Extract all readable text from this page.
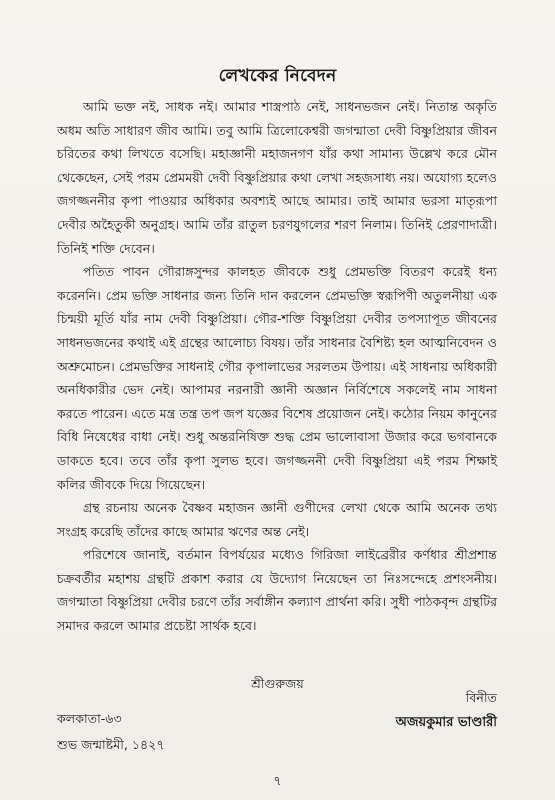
লেখকের নিবেদন

আমি ভক্ত নই, সাধক নই। আমার শাস্ত্রপাঠ নেই, সাধনভজন নেই। নিতান্ত অকৃতি অধম অতি সাধারণ জীব আমি। তবু আমি ত্রিলোকেশ্বরী জগন্মাতা দেবী বিষ্ণুপ্রিয়ার জীবন চরিতের কথা লিখতে বসেছি। মহাজ্ঞানী মহাজনগণ যাঁর কথা সামান্য উল্লেখ করে মৌন থেকেছেন, সেই পরম প্রেমময়ী দেবী বিষ্ণুপ্রিয়ার কথা লেখা সহজসাধ্য নয়। অযোগ্য হলেও জগজ্জননীর কৃপা পাওয়ার অধিকার অবশ্যই আছে আমার। তাই আমার ভরসা মাতৃরূপা দেবীর অহৈতুকী অনুগ্রহ। আমি তাঁর রাতুল চরণযুগলের শরণ নিলাম। তিনিই প্রেরণাদাত্রী। তিনিই শক্তি দেবেন।

পতিত পাবন গৌরাঙ্গসুন্দর কালহত জীবকে শুধু প্রেমভক্তি বিতরণ করেই ধন্য করেননি। প্রেম ভক্তি সাধনার জন্য তিনি দান করলেন প্রেমভক্তি স্বরূপিণী অতুলনীয়া এক চিন্ময়ী মূর্তি যাঁর নাম দেবী বিষ্ণুপ্রিয়া। গৌর-শক্তি বিষ্ণুপ্রিয়া দেবীর তপস্যাপূত জীবনের সাধনভজনের কথাই এই গ্রন্থের আলোচ্য বিষয়। তাঁর সাধনার বৈশিষ্ট্য হল আত্মনিবেদন ও অশ্রুমোচন। প্রেমভক্তির সাধনাই গৌর কৃপালাভের সরলতম উপায়। এই সাধনায় অধিকারী অনধিকারীর ভেদ নেই। আপামর নরনারী জ্ঞানী অজ্ঞান নির্বিশেষে সকলেই নাম সাধনা করতে পারেন। এতে মন্ত্র তন্ত্র তপ জপ যজ্ঞের বিশেষ প্রয়োজন নেই। কঠোর নিয়ম কানুনের বিধি নিষেধের বাধা নেই। শুধু অন্তরনিষিক্ত শুদ্ধ প্রেম ভালোবাসা উজার করে ভগবানকে ডাকতে হবে। তবে তাঁর কৃপা সুলভ হবে। জগজ্জননী দেবী বিষ্ণুপ্রিয়া এই পরম শিক্ষাই কলির জীবকে দিয়ে গিয়েছেন।

গ্রন্থ রচনায় অনেক বৈষ্ণব মহাজন জ্ঞানী গুণীদের লেখা থেকে আমি অনেক তথ্য সংগ্রহ করেছি তাঁদের কাছে আমার ঋণের অন্ত নেই।

পরিশেষে জানাই, বর্তমান বিপর্যয়ের মধ্যেও গিরিজা লাইব্রেরীর কর্ণধার শ্রীপ্রশান্ত চক্রবর্তীর মহাশয় গ্রন্থটি প্রকাশ করার যে উদ্যোগ নিয়েছেন তা নিঃসন্দেহে প্রশংসনীয়। জগন্মাতা বিষ্ণুপ্রিয়া দেবীর চরণে তাঁর সর্বাঙ্গীন কল্যাণ প্রার্থনা করি। সুধী পাঠকবৃন্দ গ্রন্থটির সমাদর করলে আমার প্রচেষ্টা সার্থক হবে।

শ্রীগুরুজয়
বিনীত
কলকাতা-৬৩	অজয়কুমার ভাণ্ডারী
শুভ জন্মাষ্টমী, ১৪২৭
৭
